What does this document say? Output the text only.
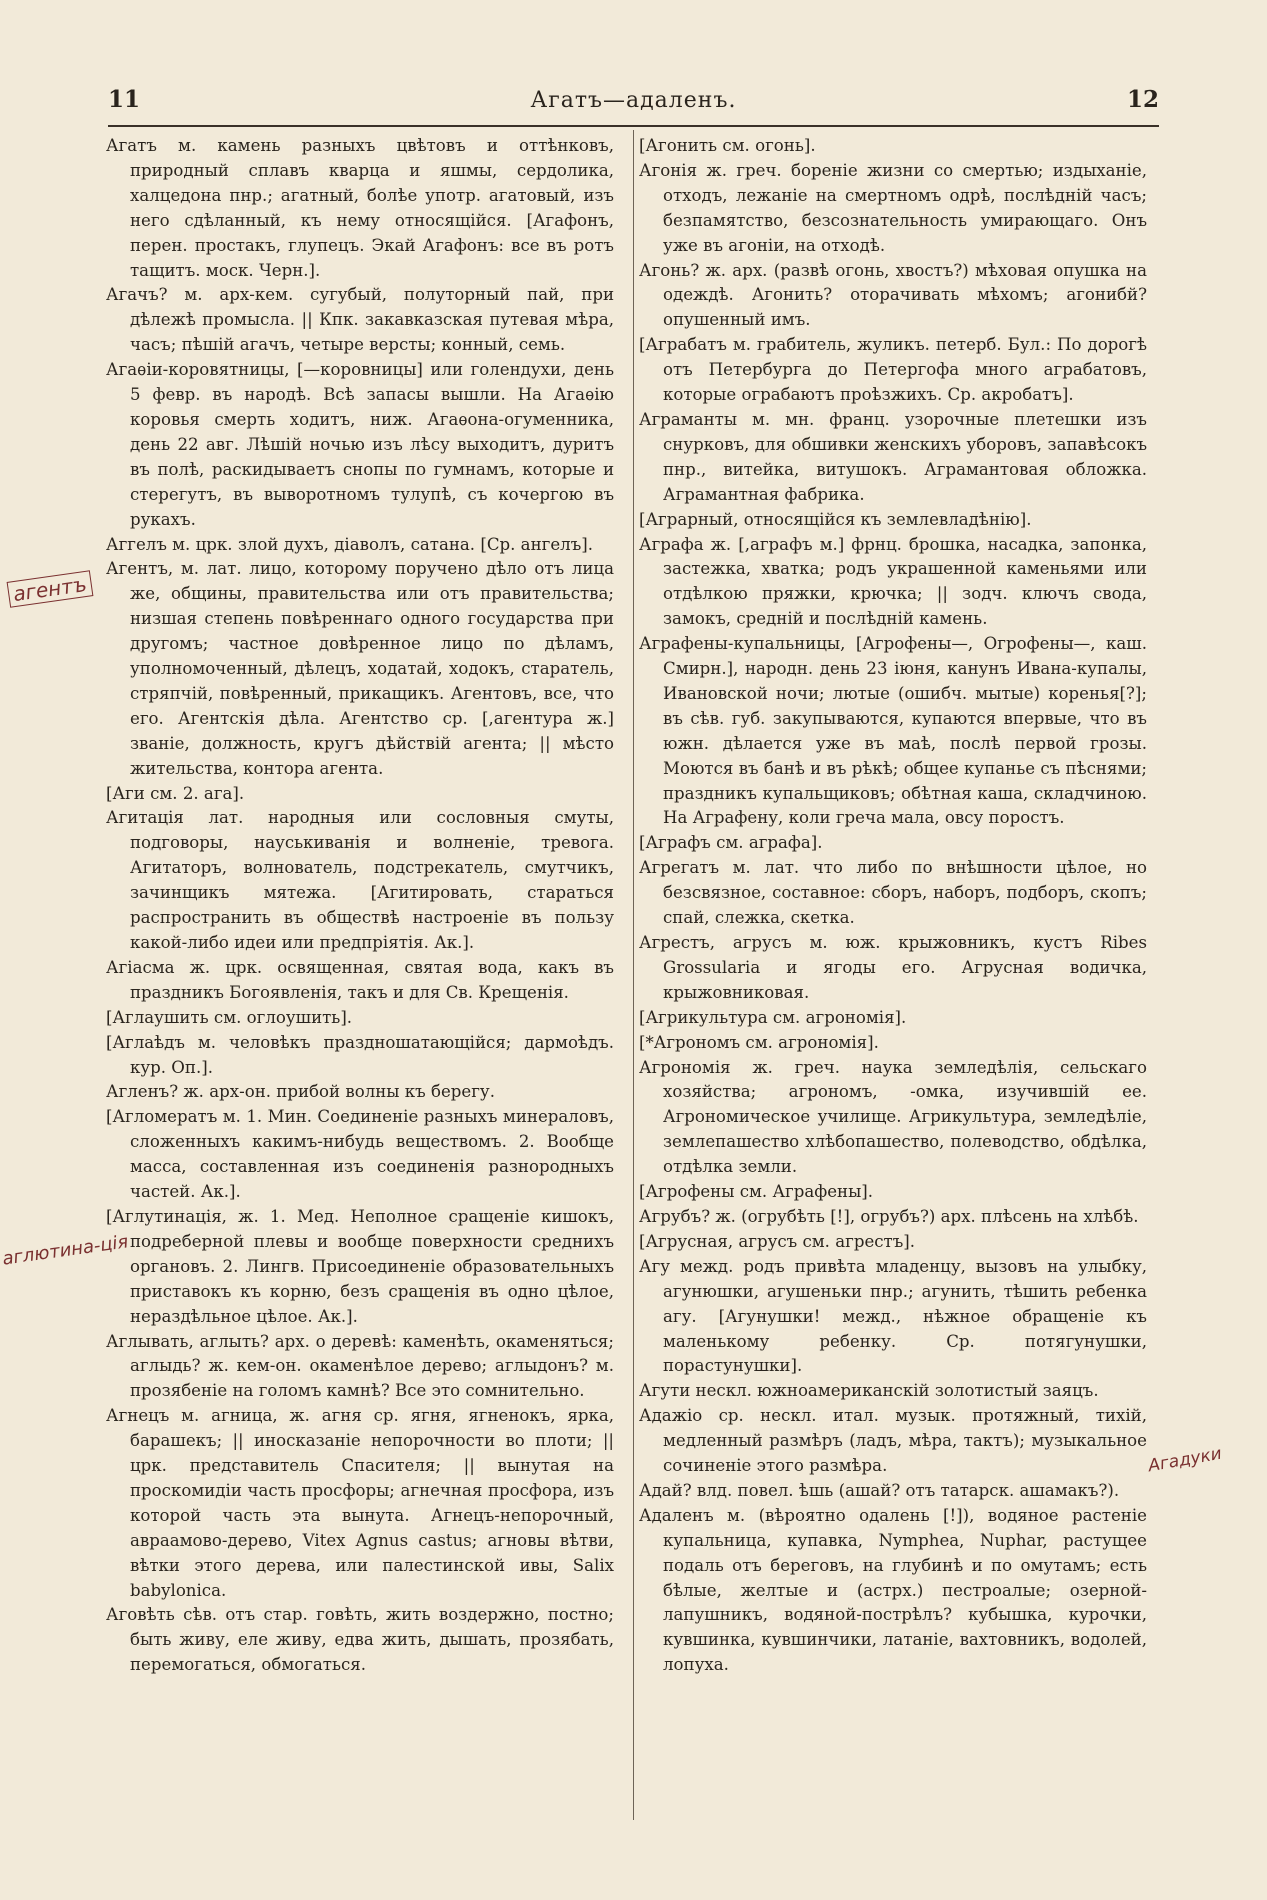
11	Агатъ—адаленъ.	12

Агатъ м. камень разныхъ цвѣтовъ и оттѣнковъ, природный сплавъ кварца и яшмы, сердолика, халцедона пнр.; агатный, болѣе употр. агатовый, изъ него сдѣланный, къ нему относящійся. [Агафонъ, перен. простакъ, глупецъ. Экай Агафонъ: все въ ротъ тащитъ. моск. Черн.].

Агачъ? м. арх-кем. сугубый, полуторный пай, при дѣлежѣ промысла. || Кпк. закавказская путевая мѣра, часъ; пѣшій агачъ, четыре версты; конный, семь.

Агаѳіи-коровятницы, [—коровницы] или голендухи, день 5 февр. въ народѣ. Всѣ запасы вышли. На Агаѳію коровья смерть ходитъ, ниж. Агаѳона-огуменника, день 22 авг. Лѣшій ночью изъ лѣсу выходитъ, дуритъ въ полѣ, раскидываетъ снопы по гумнамъ, которые и стерегутъ, въ выворотномъ тулупѣ, съ кочергою въ рукахъ.

Аггелъ м. црк. злой духъ, діаволъ, сатана. [Ср. ангелъ].

Агентъ, м. лат. лицо, которому поручено дѣло отъ лица же, общины, правительства или отъ правительства; низшая степень повѣреннаго одного государства при другомъ; частное довѣренное лицо по дѣламъ, уполномоченный, дѣлецъ, ходатай, ходокъ, старатель, стряпчій, повѣренный, прикащикъ. Агентовъ, все, что его. Агентскія дѣла. Агентство ср. [,агентура ж.] званіе, должность, кругъ дѣйствій агента; || мѣсто жительства, контора агента.

[Аги см. 2. ага].

Агитація лат. народныя или сословныя смуты, подговоры, науськиванія и волненіе, тревога. Агитаторъ, волнователь, подстрекатель, смутчикъ, зачинщикъ мятежа. [Агитировать, стараться распространить въ обществѣ настроеніе въ пользу какой-либо идеи или предпріятія. Ак.].

Агіасма ж. црк. освященная, святая вода, какъ въ праздникъ Богоявленія, такъ и для Св. Крещенія.

[Аглаушить см. оглоушить].

[Аглаѣдъ м. человѣкъ праздношатающійся; дармоѣдъ. кур. Оп.].

Агленъ? ж. арх-он. прибой волны къ берегу.

[Агломератъ м. 1. Мин. Соединеніе разныхъ минераловъ, сложенныхъ какимъ-нибудь веществомъ. 2. Вообще масса, составленная изъ соединенія разнородныхъ частей. Ак.].

[Аглутинація, ж. 1. Мед. Неполное сращеніе кишокъ, подреберной плевы и вообще поверхности среднихъ органовъ. 2. Лингв. Присоединеніе образовательныхъ приставокъ къ корню, безъ сращенія въ одно цѣлое, нераздѣльное цѣлое. Ак.].

Аглывать, аглыть? арх. о деревѣ: каменѣть, окаменяться; аглыдь? ж. кем-он. окаменѣлое дерево; аглыдонъ? м. прозябеніе на голомъ камнѣ? Все это сомнительно.

Агнецъ м. агница, ж. агня ср. ягня, ягненокъ, ярка, барашекъ; || иносказаніе непорочности во плоти; || црк. представитель Спасителя; || вынутая на проскомидіи часть просфоры; агнечная просфора, изъ которой часть эта вынута. Агнецъ-непорочный, авраамово-дерево, Vitex Agnus castus; агновы вѣтви, вѣтки этого дерева, или палестинской ивы, Salix babylonica.

Аговѣть сѣв. отъ стар. говѣть, жить воздержно, постно; быть живу, еле живу, едва жить, дышать, прозябать, перемогаться, обмогаться.

[Агонить см. огонь].

Агонія ж. греч. бореніе жизни со смертью; издыханіе, отходъ, лежаніе на смертномъ одрѣ, послѣдній часъ; безпамятство, безсознательность умирающаго. Онъ уже въ агоніи, на отходѣ.

Агонь? ж. арх. (развѣ огонь, хвостъ?) мѣховая опушка на одеждѣ. Агонить? оторачивать мѣхомъ; агонибй? опушенный имъ.

[Аграбатъ м. грабитель, жуликъ. петерб. Бул.: По дорогѣ отъ Петербурга до Петергофа много аграбатовъ, которые ограбаютъ проѣзжихъ. Ср. акробатъ].

Аграманты м. мн. франц. узорочные плетешки изъ снурковъ, для обшивки женскихъ уборовъ, запавѣсокъ пнр., витейка, витушокъ. Аграмантовая обложка. Аграмантная фабрика.

[Аграрный, относящійся къ землевладѣнію].

Аграфа ж. [,аграфъ м.] фрнц. брошка, насадка, запонка, застежка, хватка; родъ украшенной каменьями или отдѣлкою пряжки, крючка; || зодч. ключъ свода, замокъ, средній и послѣдній камень.

Аграфены-купальницы, [Агрофены—, Огрофены—, каш. Смирн.], народн. день 23 іюня, канунъ Ивана-купалы, Ивановской ночи; лютые (ошибч. мытые) коренья[?]; въ сѣв. губ. закупываются, купаются впервые, что въ южн. дѣлается уже въ маѣ, послѣ первой грозы. Моются въ банѣ и въ рѣкѣ; общее купанье съ пѣснями; праздникъ купальщиковъ; обѣтная каша, складчиною. На Аграфену, коли греча мала, овсу поростъ.

[Аграфъ см. аграфа].

Агрегатъ м. лат. что либо по внѣшности цѣлое, но безсвязное, составное: сборъ, наборъ, подборъ, скопъ; спай, слежка, скетка.

Агрестъ, агрусъ м. юж. крыжовникъ, кустъ Ribes Grossularia и ягоды его. Агрусная водичка, крыжовниковая.

[Агрикультура см. агрономія].

[*Агрономъ см. агрономія].

Агрономія ж. греч. наука земледѣлія, сельскаго хозяйства; агрономъ, -омка, изучившій ее. Агрономическое училище. Агрикультура, земледѣліе, землепашество хлѣбопашество, полеводство, обдѣлка, отдѣлка земли.

[Агрофены см. Аграфены].

Агрубъ? ж. (огрубѣть [!], огрубъ?) арх. плѣсень на хлѣбѣ.

[Агрусная, агрусъ см. агрестъ].

Агу межд. родъ привѣта младенцу, вызовъ на улыбку, агунюшки, агушеньки пнр.; агунить, тѣшить ребенка агу. [Агунушки! межд., нѣжное обращеніе къ маленькому ребенку. Ср. потягунушки, порастунушки].

Агути нескл. южноамериканскій золотистый заяцъ.

Адажіо ср. нескл. итал. музык. протяжный, тихій, медленный размѣръ (ладъ, мѣра, тактъ); музыкальное сочиненіе этого размѣра.

Адай? влд. повел. ѣшь (ашай? отъ татарск. ашамакъ?).

Адаленъ м. (вѣроятно одалень [!]), водяное растеніе купальница, купавка, Nymphea, Nuphar, растущее подаль отъ береговъ, на глубинѣ и по омутамъ; есть бѣлые, желтые и (астрх.) пестроалые; озерной-лапушникъ, водяной-пострѣлъ? кубышка, курочки, кувшинка, кувшинчики, латаніе, вахтовникъ, водолей, лопуха.

агентъ
аглютина-ція
Агадуки
